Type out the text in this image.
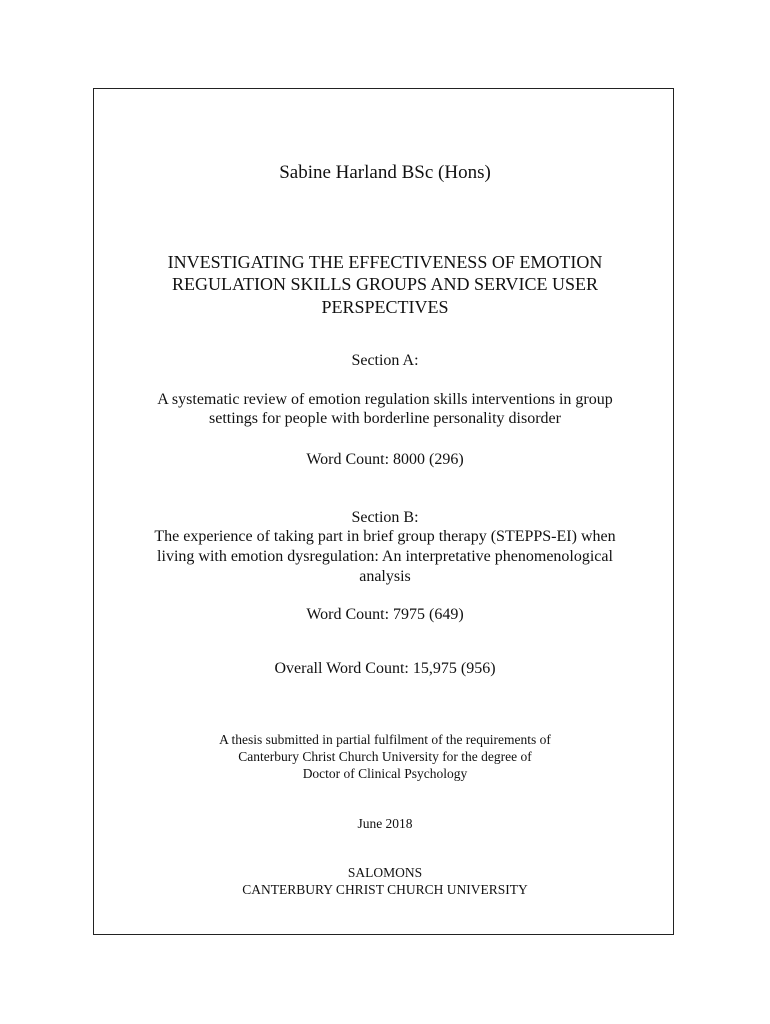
Sabine Harland BSc (Hons)
INVESTIGATING THE EFFECTIVENESS OF EMOTION
REGULATION SKILLS GROUPS AND SERVICE USER
PERSPECTIVES
Section A:
A systematic review of emotion regulation skills interventions in group
settings for people with borderline personality disorder
Word Count: 8000 (296)
Section B:
The experience of taking part in brief group therapy (STEPPS-EI) when
living with emotion dysregulation: An interpretative phenomenological
analysis
Word Count: 7975 (649)
Overall Word Count: 15,975 (956)
A thesis submitted in partial fulfilment of the requirements of
Canterbury Christ Church University for the degree of
Doctor of Clinical Psychology
June 2018
SALOMONS
CANTERBURY CHRIST CHURCH UNIVERSITY
